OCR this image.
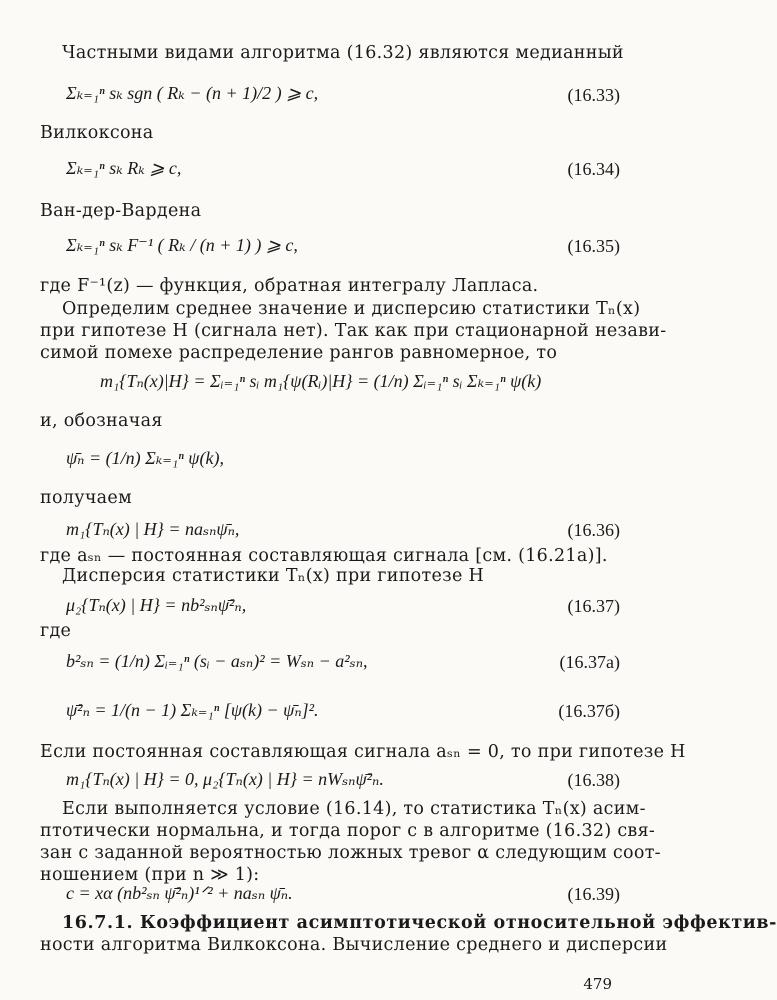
Частными видами алгоритма (16.32) являются медианный
Σₖ₌₁ⁿ sₖ sgn ( Rₖ − (n + 1)/2 ) ⩾ c,	(16.33)
Вилкоксона
Σₖ₌₁ⁿ sₖ Rₖ ⩾ c,	(16.34)
Ван-дер-Вардена
Σₖ₌₁ⁿ sₖ F⁻¹ ( Rₖ / (n + 1) ) ⩾ c,	(16.35)
где F⁻¹(z) — функция, обратная интегралу Лапласа.
Определим среднее значение и дисперсию статистики Tₙ(x)
при гипотезе H (сигнала нет). Так как при стационарной незави-
симой помехе распределение рангов равномерное, то
m₁{Tₙ(x)|H} = Σᵢ₌₁ⁿ sᵢ m₁{ψ(Rᵢ)|H} = (1/n) Σᵢ₌₁ⁿ sᵢ Σₖ₌₁ⁿ ψ(k)
и, обозначая
ψ̄ₙ = (1/n) Σₖ₌₁ⁿ ψ(k),
получаем
m₁{Tₙ(x) | H} = nаₛₙψ̄ₙ,	(16.36)
где аₛₙ — постоянная составляющая сигнала [см. (16.21а)].
Дисперсия статистики Tₙ(x) при гипотезе H
μ₂{Tₙ(x) | H} = nb²ₛₙψ̄²ₙ,	(16.37)
где
b²ₛₙ = (1/n) Σᵢ₌₁ⁿ (sᵢ − аₛₙ)² = Wₛₙ − а²ₛₙ,	(16.37а)
ψ̄²ₙ = 1/(n − 1) Σₖ₌₁ⁿ [ψ(k) − ψ̄ₙ]².	(16.37б)
Если постоянная составляющая сигнала аₛₙ = 0, то при гипотезе H
m₁{Tₙ(x) | H} = 0, μ₂{Tₙ(x) | H} = nWₛₙψ̄²ₙ.	(16.38)
Если выполняется условие (16.14), то статистика Tₙ(x) асим-
птотически нормальна, и тогда порог c в алгоритме (16.32) свя-
зан с заданной вероятностью ложных тревог α следующим соот-
ношением (при n ≫ 1):
c = xα (nb²ₛₙ ψ̄²ₙ)¹ᐟ² + nаₛₙ ψ̄ₙ.	(16.39)
16.7.1. Коэффициент асимптотической относительной эффектив-
ности алгоритма Вилкоксона. Вычисление среднего и дисперсии
479
